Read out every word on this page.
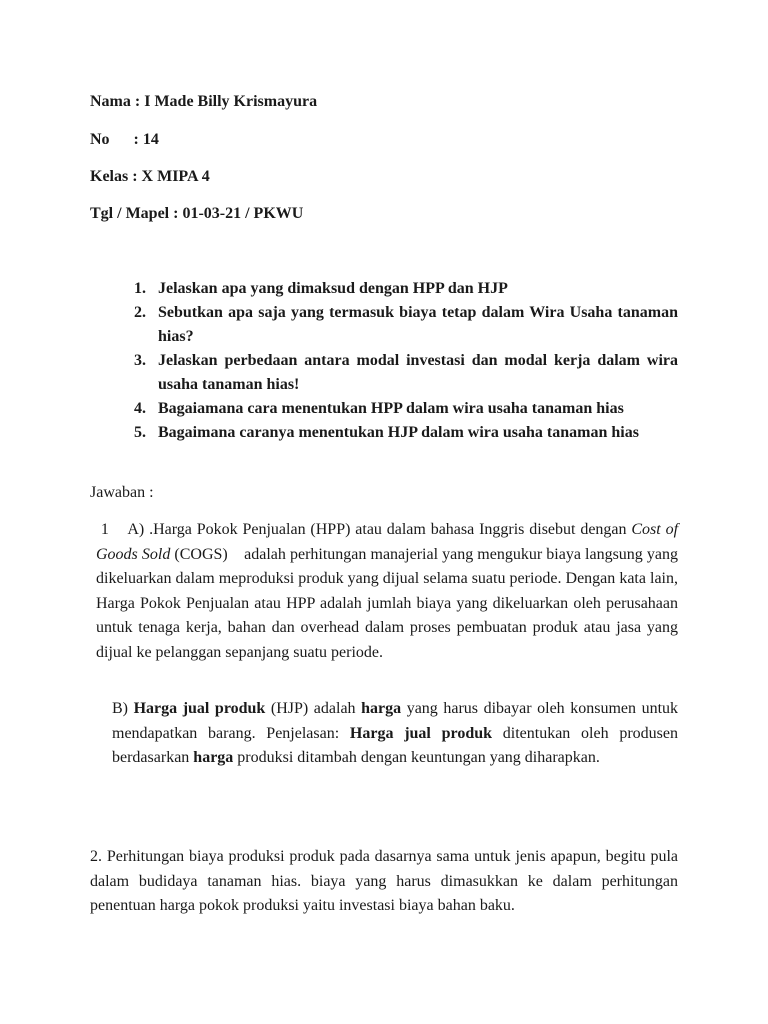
Nama : I Made Billy Krismayura
No      : 14
Kelas : X MIPA 4
Tgl / Mapel : 01-03-21 / PKWU
1. Jelaskan apa yang dimaksud dengan HPP dan HJP
2. Sebutkan apa saja yang termasuk biaya tetap dalam Wira Usaha tanaman hias?
3. Jelaskan perbedaan antara modal investasi dan modal kerja dalam wira usaha tanaman hias!
4. Bagaiamana cara menentukan HPP dalam wira usaha tanaman hias
5. Bagaimana caranya menentukan HJP dalam wira usaha tanaman hias
Jawaban :

1    A) .Harga Pokok Penjualan (HPP) atau dalam bahasa Inggris disebut dengan Cost of Goods Sold (COGS)    adalah perhitungan manajerial yang mengukur biaya langsung yang dikeluarkan dalam meproduksi produk yang dijual selama suatu periode. Dengan kata lain, Harga Pokok Penjualan atau HPP adalah jumlah biaya yang dikeluarkan oleh perusahaan untuk tenaga kerja, bahan dan overhead dalam proses pembuatan produk atau jasa yang dijual ke pelanggan sepanjang suatu periode.

B) Harga jual produk (HJP) adalah harga yang harus dibayar oleh konsumen untuk mendapatkan barang. Penjelasan: Harga jual produk ditentukan oleh produsen berdasarkan harga produksi ditambah dengan keuntungan yang diharapkan.

2. Perhitungan biaya produksi produk pada dasarnya sama untuk jenis apapun, begitu pula dalam budidaya tanaman hias. biaya yang harus dimasukkan ke dalam perhitungan penentuan harga pokok produksi yaitu investasi biaya bahan baku.
